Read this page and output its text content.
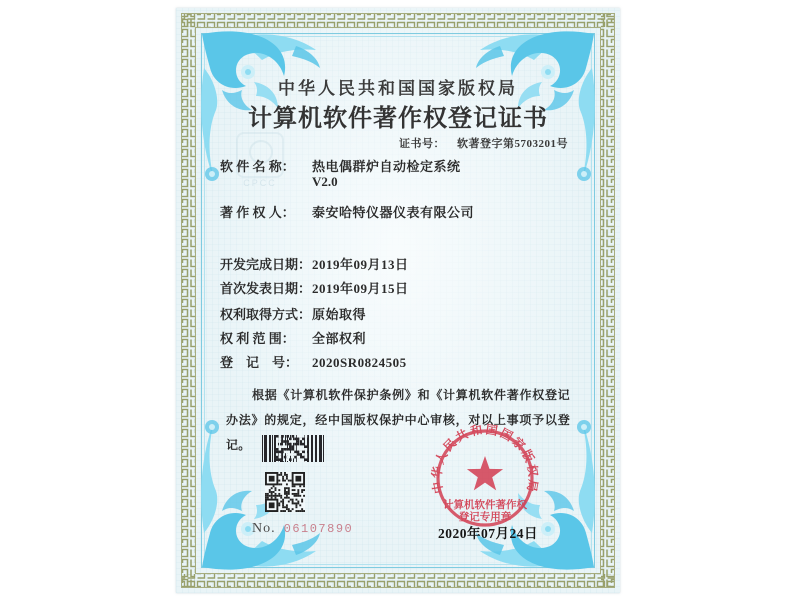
CPCC
中华人民共和国国家版权局
计算机软件著作权登记证书
证书号： 软著登字第5703201号
软 件 名 称： 热电偶群炉自动检定系统
V2.0
著 作 权 人： 泰安哈特仪器仪表有限公司
开发完成日期：2019年09月13日
首次发表日期：2019年09月15日
权利取得方式：原始取得
权 利 范 围： 全部权利
登　记　号： 2020SR0824505
根据《计算机软件保护条例》和《计算机软件著作权登记办法》的规定，经中国版权保护中心审核，对以上事项予以登记。
No. 06107890
中华人民共和国国家版权局
计算机软件著作权
登记专用章
2020年07月24日
